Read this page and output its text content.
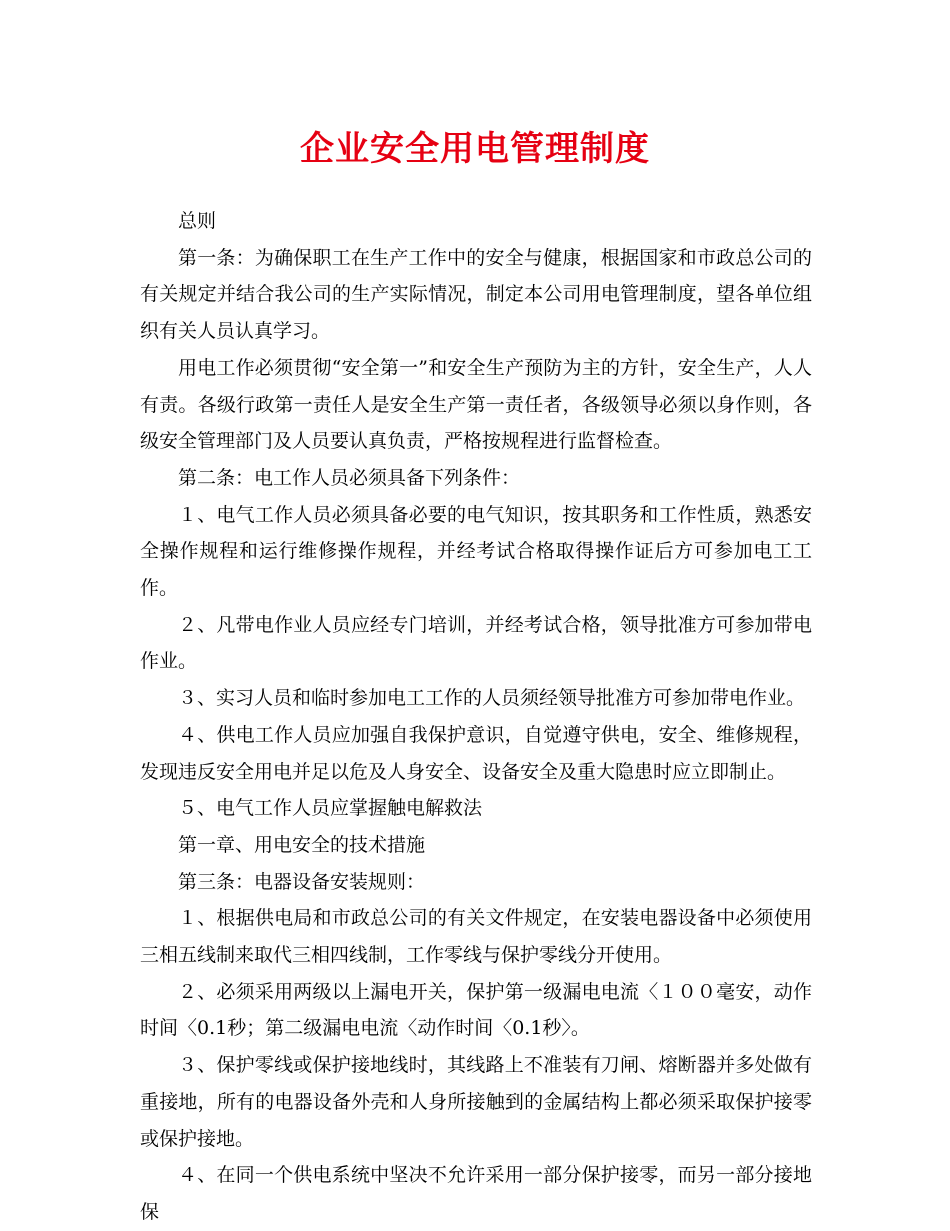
企业安全用电管理制度

总则

第一条：为确保职工在生产工作中的安全与健康，根据国家和市政总公司的有关规定并结合我公司的生产实际情况，制定本公司用电管理制度，望各单位组织有关人员认真学习。

用电工作必须贯彻“安全第一”和安全生产预防为主的方针，安全生产，人人有责。各级行政第一责任人是安全生产第一责任者，各级领导必须以身作则，各级安全管理部门及人员要认真负责，严格按规程进行监督检查。

第二条：电工作人员必须具备下列条件：

１、电气工作人员必须具备必要的电气知识，按其职务和工作性质，熟悉安全操作规程和运行维修操作规程，并经考试合格取得操作证后方可参加电工工作。

２、凡带电作业人员应经专门培训，并经考试合格，领导批准方可参加带电作业。

３、实习人员和临时参加电工工作的人员须经领导批准方可参加带电作业。

４、供电工作人员应加强自我保护意识，自觉遵守供电，安全、维修规程，发现违反安全用电并足以危及人身安全、设备安全及重大隐患时应立即制止。

５、电气工作人员应掌握触电解救法

第一章、用电安全的技术措施

第三条：电器设备安装规则：

１、根据供电局和市政总公司的有关文件规定，在安装电器设备中必须使用三相五线制来取代三相四线制，工作零线与保护零线分开使用。

２、必须采用两级以上漏电开关，保护第一级漏电电流〈１００毫安，动作时间〈0.1秒；第二级漏电电流〈动作时间〈0.1秒〉。

３、保护零线或保护接地线时，其线路上不准装有刀闸、熔断器并多处做有重接地，所有的电器设备外壳和人身所接触到的金属结构上都必须采取保护接零或保护接地。

４、在同一个供电系统中坚决不允许采用一部分保护接零，而另一部分接地保
